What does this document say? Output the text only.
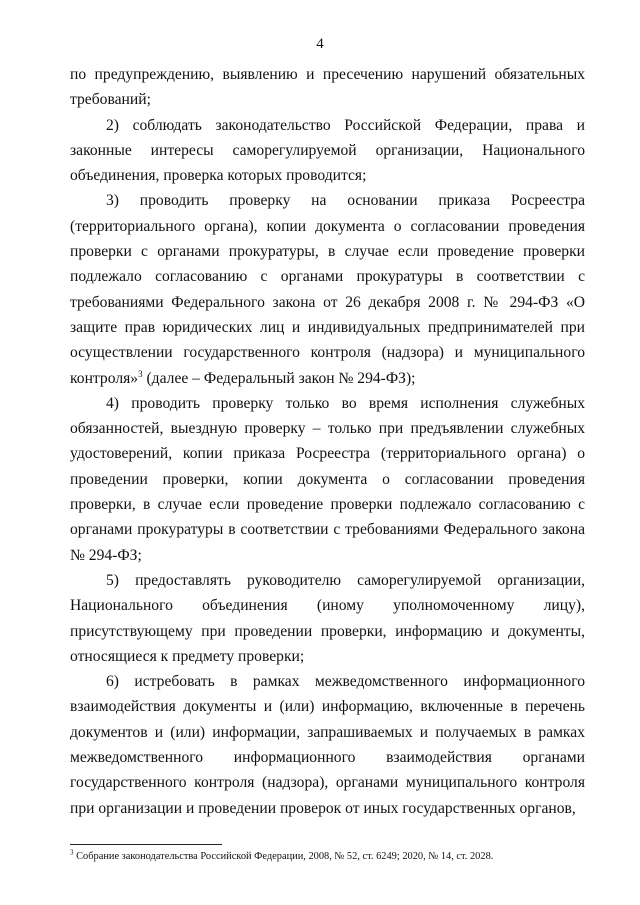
4

по предупреждению, выявлению и пресечению нарушений обязательных требований;

2) соблюдать законодательство Российской Федерации, права и законные интересы саморегулируемой организации, Национального объединения, проверка которых проводится;

3) проводить проверку на основании приказа Росреестра (территориального органа), копии документа о согласовании проведения проверки с органами прокуратуры, в случае если проведение проверки подлежало согласованию с органами прокуратуры в соответствии с требованиями Федерального закона от 26 декабря 2008 г. № 294-ФЗ «О защите прав юридических лиц и индивидуальных предпринимателей при осуществлении государственного контроля (надзора) и муниципального контроля»$^3$ (далее – Федеральный закон № 294-ФЗ);

4) проводить проверку только во время исполнения служебных обязанностей, выездную проверку – только при предъявлении служебных удостоверений, копии приказа Росреестра (территориального органа) о проведении проверки, копии документа о согласовании проведения проверки, в случае если проведение проверки подлежало согласованию с органами прокуратуры в соответствии с требованиями Федерального закона № 294-ФЗ;

5) предоставлять руководителю саморегулируемой организации, Национального объединения (иному уполномоченному лицу), присутствующему при проведении проверки, информацию и документы, относящиеся к предмету проверки;

6) истребовать в рамках межведомственного информационного взаимодействия документы и (или) информацию, включенные в перечень документов и (или) информации, запрашиваемых и получаемых в рамках межведомственного информационного взаимодействия органами государственного контроля (надзора), органами муниципального контроля при организации и проведении проверок от иных государственных органов,

$^3$ Собрание законодательства Российской Федерации, 2008, № 52, ст. 6249; 2020, № 14, ст. 2028.
